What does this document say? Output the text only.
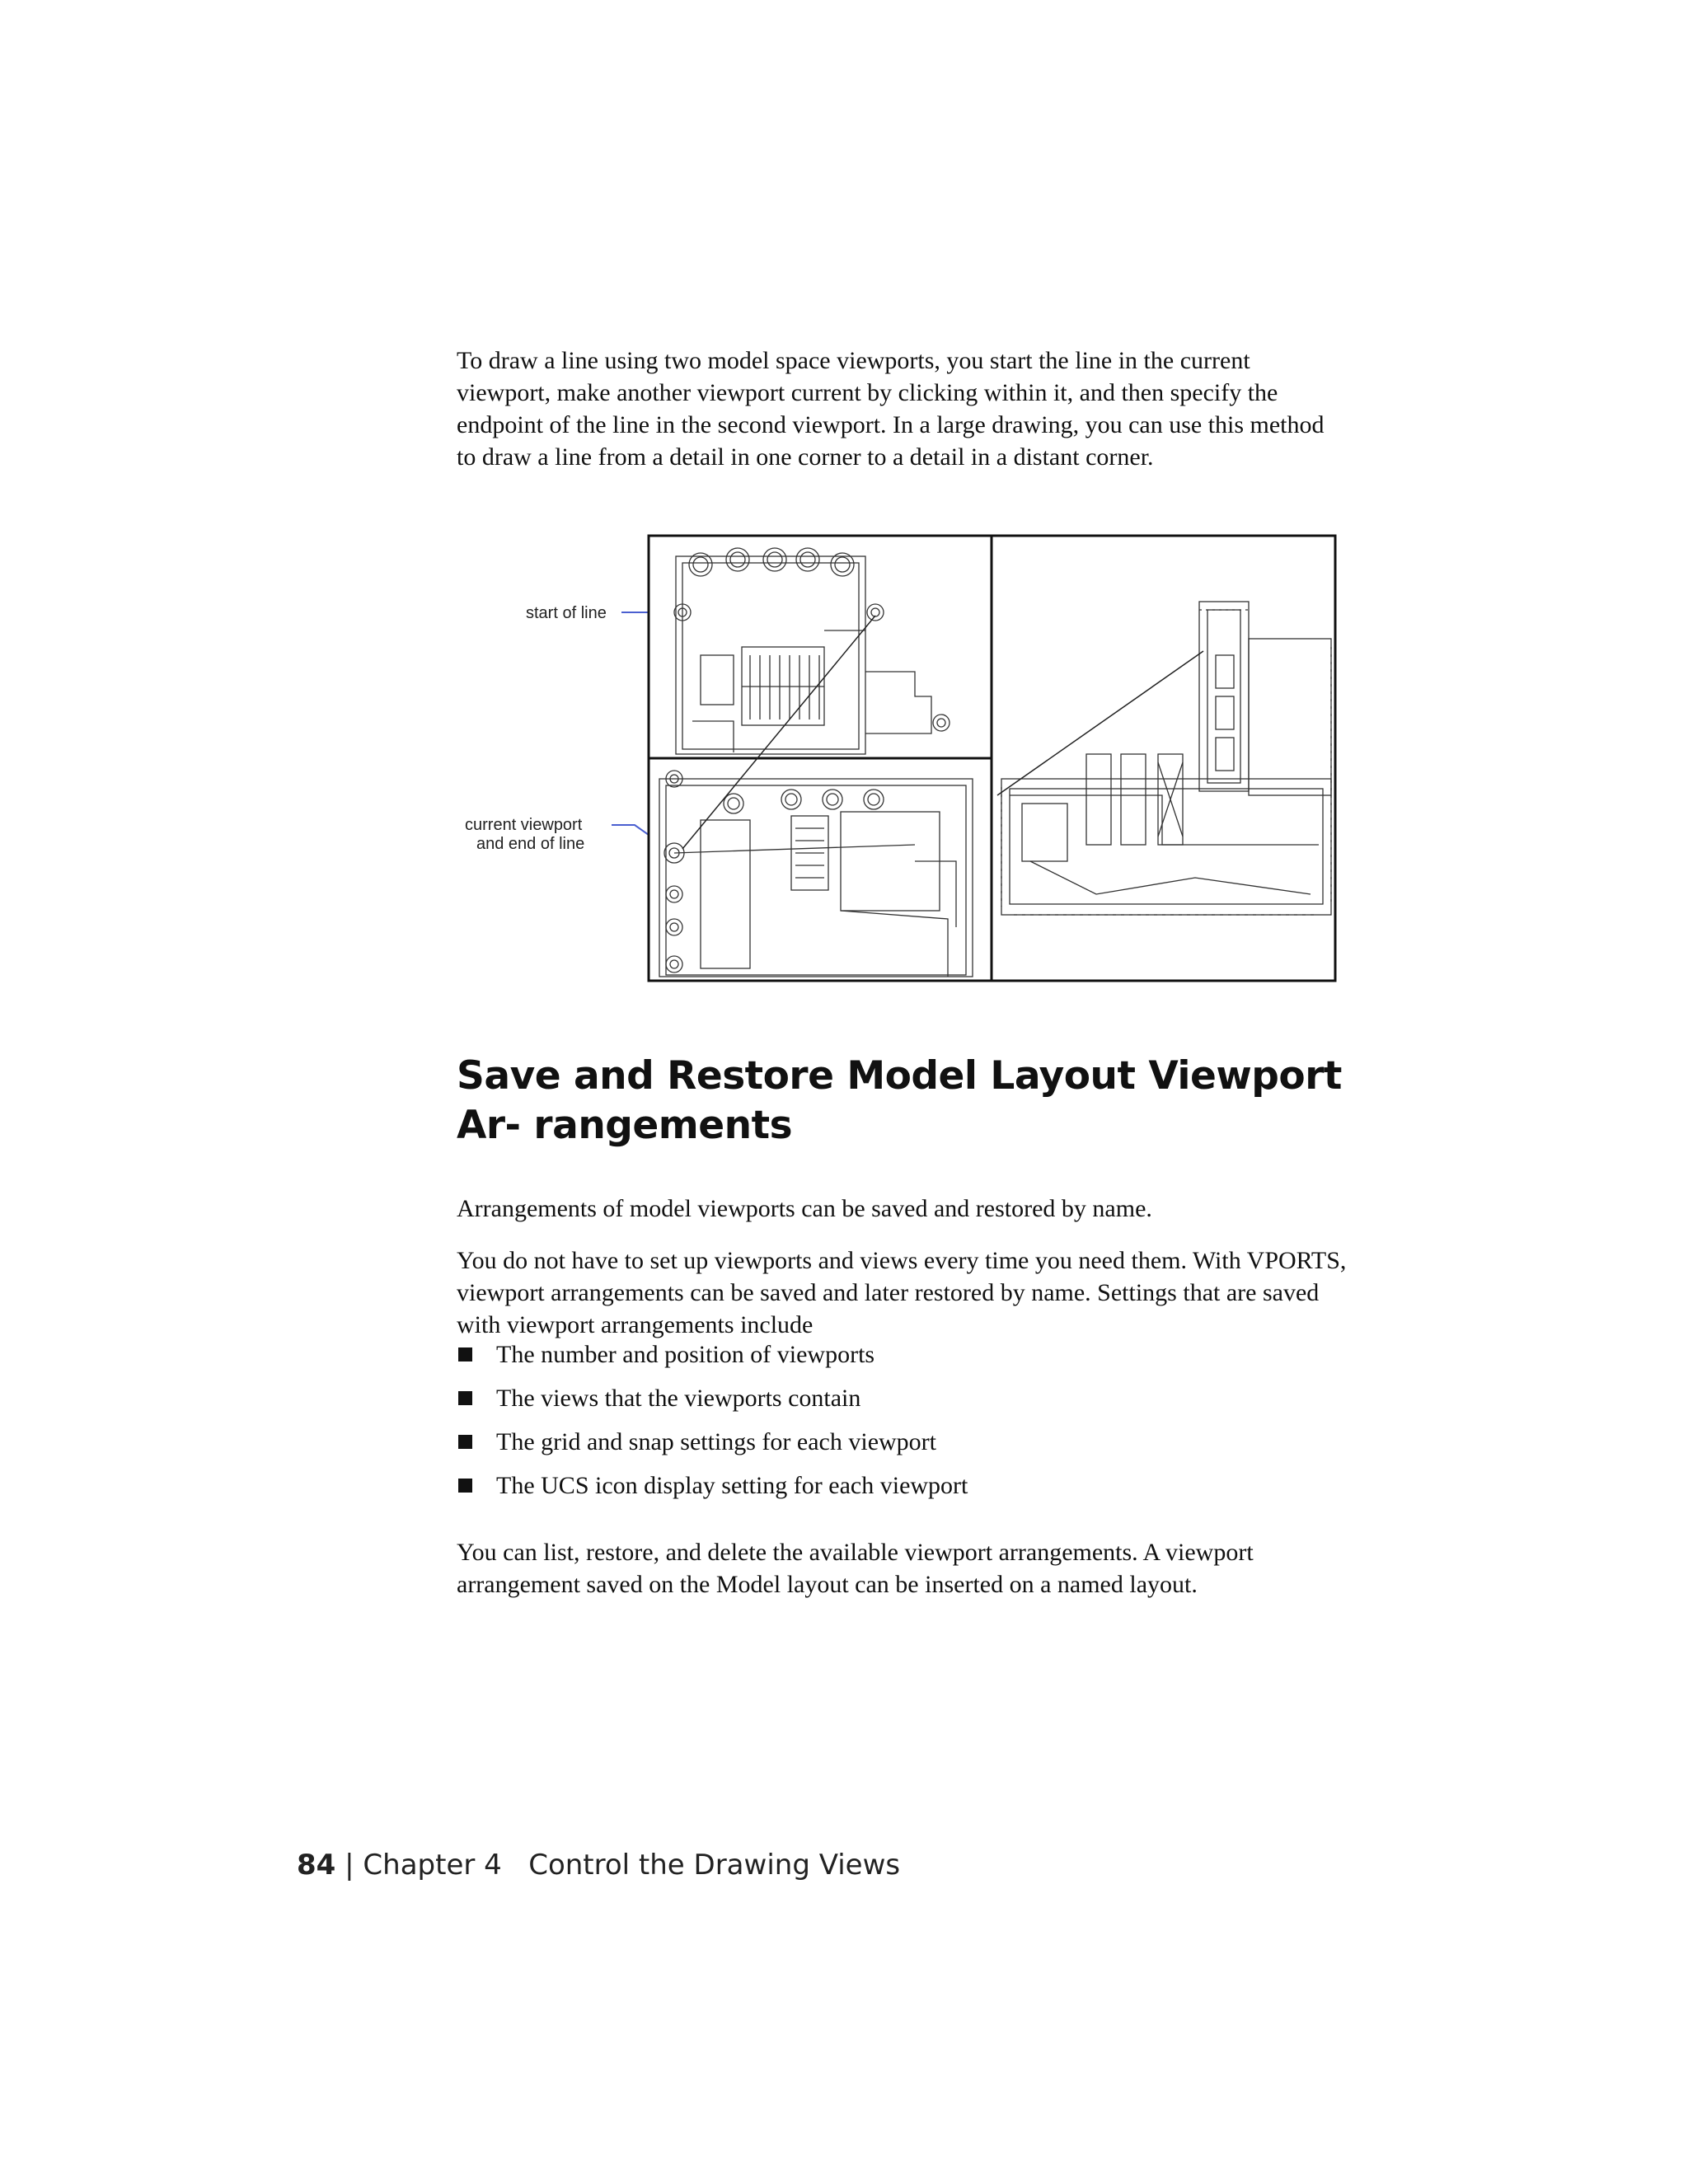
To draw a line using two model space viewports, you start the line in the current viewport, make another viewport current by clicking within it, and then specify the endpoint of the line in the second viewport. In a large drawing, you can use this method to draw a line from a detail in one corner to a detail in a distant corner.

start of line
current viewport
and end of line
Save and Restore Model Layout Viewport Ar- rangements

Arrangements of model viewports can be saved and restored by name.

You do not have to set up viewports and views every time you need them. With VPORTS, viewport arrangements can be saved and later restored by name. Settings that are saved with viewport arrangements include

The number and position of viewports
The views that the viewports contain
The grid and snap settings for each viewport
The UCS icon display setting for each viewport

You can list, restore, and delete the available viewport arrangements. A viewport arrangement saved on the Model layout can be inserted on a named layout.

84 | Chapter 4   Control the Drawing Views
